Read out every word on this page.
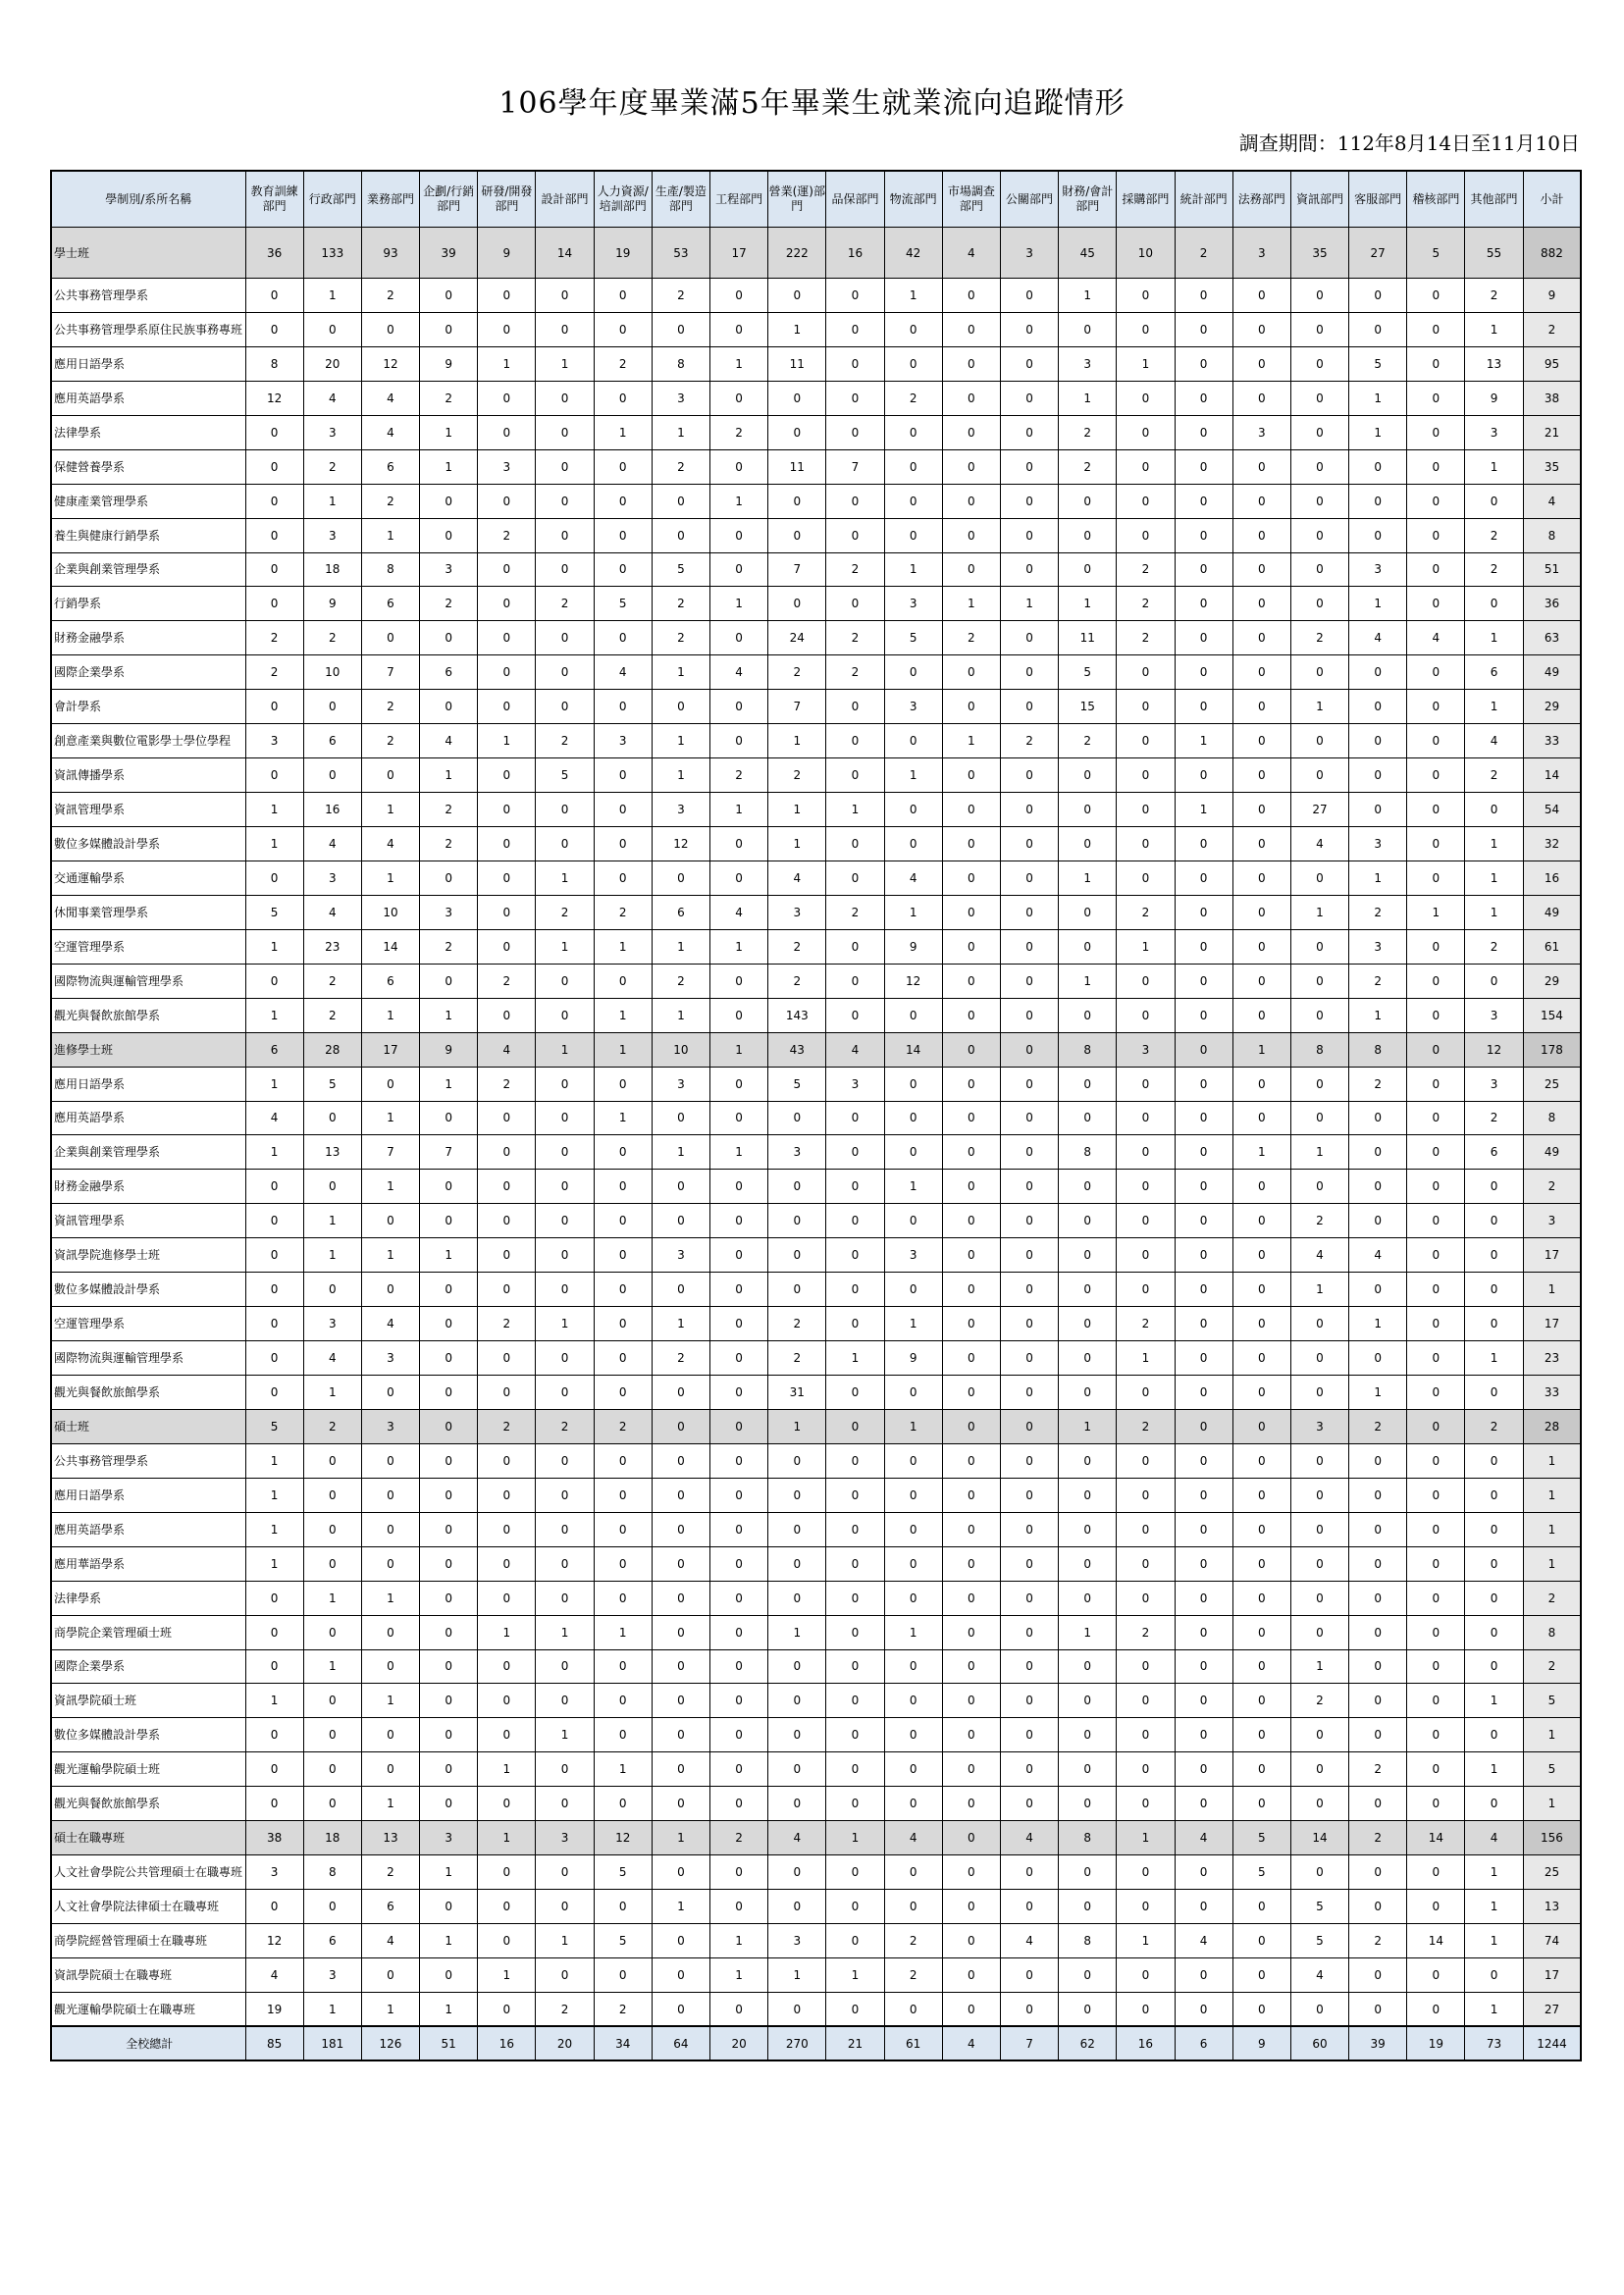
106學年度畢業滿5年畢業生就業流向追蹤情形
調查期間：112年8月14日至11月10日
學制別/系所名稱	教育訓練部門	行政部門	業務部門	企劃/行銷部門	研發/開發部門	設計部門	人力資源/培訓部門	生產/製造部門	工程部門	營業(運)部門	品保部門	物流部門	市場調查部門	公關部門	財務/會計部門	採購部門	統計部門	法務部門	資訊部門	客服部門	稽核部門	其他部門	小計
學士班	36	133	93	39	9	14	19	53	17	222	16	42	4	3	45	10	2	3	35	27	5	55	882
公共事務管理學系	0	1	2	0	0	0	0	2	0	0	0	1	0	0	1	0	0	0	0	0	0	2	9
公共事務管理學系原住民族事務專班	0	0	0	0	0	0	0	0	0	1	0	0	0	0	0	0	0	0	0	0	0	1	2
應用日語學系	8	20	12	9	1	1	2	8	1	11	0	0	0	0	3	1	0	0	0	5	0	13	95
應用英語學系	12	4	4	2	0	0	0	3	0	0	0	2	0	0	1	0	0	0	0	1	0	9	38
法律學系	0	3	4	1	0	0	1	1	2	0	0	0	0	0	2	0	0	3	0	1	0	3	21
保健營養學系	0	2	6	1	3	0	0	2	0	11	7	0	0	0	2	0	0	0	0	0	0	1	35
健康產業管理學系	0	1	2	0	0	0	0	0	1	0	0	0	0	0	0	0	0	0	0	0	0	0	4
養生與健康行銷學系	0	3	1	0	2	0	0	0	0	0	0	0	0	0	0	0	0	0	0	0	0	2	8
企業與創業管理學系	0	18	8	3	0	0	0	5	0	7	2	1	0	0	0	2	0	0	0	3	0	2	51
行銷學系	0	9	6	2	0	2	5	2	1	0	0	3	1	1	1	2	0	0	0	1	0	0	36
財務金融學系	2	2	0	0	0	0	0	2	0	24	2	5	2	0	11	2	0	0	2	4	4	1	63
國際企業學系	2	10	7	6	0	0	4	1	4	2	2	0	0	0	5	0	0	0	0	0	0	6	49
會計學系	0	0	2	0	0	0	0	0	0	7	0	3	0	0	15	0	0	0	1	0	0	1	29
創意產業與數位電影學士學位學程	3	6	2	4	1	2	3	1	0	1	0	0	1	2	2	0	1	0	0	0	0	4	33
資訊傳播學系	0	0	0	1	0	5	0	1	2	2	0	1	0	0	0	0	0	0	0	0	0	2	14
資訊管理學系	1	16	1	2	0	0	0	3	1	1	1	0	0	0	0	0	1	0	27	0	0	0	54
數位多媒體設計學系	1	4	4	2	0	0	0	12	0	1	0	0	0	0	0	0	0	0	4	3	0	1	32
交通運輸學系	0	3	1	0	0	1	0	0	0	4	0	4	0	0	1	0	0	0	0	1	0	1	16
休閒事業管理學系	5	4	10	3	0	2	2	6	4	3	2	1	0	0	0	2	0	0	1	2	1	1	49
空運管理學系	1	23	14	2	0	1	1	1	1	2	0	9	0	0	0	1	0	0	0	3	0	2	61
國際物流與運輸管理學系	0	2	6	0	2	0	0	2	0	2	0	12	0	0	1	0	0	0	0	2	0	0	29
觀光與餐飲旅館學系	1	2	1	1	0	0	1	1	0	143	0	0	0	0	0	0	0	0	0	1	0	3	154
進修學士班	6	28	17	9	4	1	1	10	1	43	4	14	0	0	8	3	0	1	8	8	0	12	178
應用日語學系	1	5	0	1	2	0	0	3	0	5	3	0	0	0	0	0	0	0	0	2	0	3	25
應用英語學系	4	0	1	0	0	0	1	0	0	0	0	0	0	0	0	0	0	0	0	0	0	2	8
企業與創業管理學系	1	13	7	7	0	0	0	1	1	3	0	0	0	0	8	0	0	1	1	0	0	6	49
財務金融學系	0	0	1	0	0	0	0	0	0	0	0	1	0	0	0	0	0	0	0	0	0	0	2
資訊管理學系	0	1	0	0	0	0	0	0	0	0	0	0	0	0	0	0	0	0	2	0	0	0	3
資訊學院進修學士班	0	1	1	1	0	0	0	3	0	0	0	3	0	0	0	0	0	0	4	4	0	0	17
數位多媒體設計學系	0	0	0	0	0	0	0	0	0	0	0	0	0	0	0	0	0	0	1	0	0	0	1
空運管理學系	0	3	4	0	2	1	0	1	0	2	0	1	0	0	0	2	0	0	0	1	0	0	17
國際物流與運輸管理學系	0	4	3	0	0	0	0	2	0	2	1	9	0	0	0	1	0	0	0	0	0	1	23
觀光與餐飲旅館學系	0	1	0	0	0	0	0	0	0	31	0	0	0	0	0	0	0	0	0	1	0	0	33
碩士班	5	2	3	0	2	2	2	0	0	1	0	1	0	0	1	2	0	0	3	2	0	2	28
公共事務管理學系	1	0	0	0	0	0	0	0	0	0	0	0	0	0	0	0	0	0	0	0	0	0	1
應用日語學系	1	0	0	0	0	0	0	0	0	0	0	0	0	0	0	0	0	0	0	0	0	0	1
應用英語學系	1	0	0	0	0	0	0	0	0	0	0	0	0	0	0	0	0	0	0	0	0	0	1
應用華語學系	1	0	0	0	0	0	0	0	0	0	0	0	0	0	0	0	0	0	0	0	0	0	1
法律學系	0	1	1	0	0	0	0	0	0	0	0	0	0	0	0	0	0	0	0	0	0	0	2
商學院企業管理碩士班	0	0	0	0	1	1	1	0	0	1	0	1	0	0	1	2	0	0	0	0	0	0	8
國際企業學系	0	1	0	0	0	0	0	0	0	0	0	0	0	0	0	0	0	0	1	0	0	0	2
資訊學院碩士班	1	0	1	0	0	0	0	0	0	0	0	0	0	0	0	0	0	0	2	0	0	1	5
數位多媒體設計學系	0	0	0	0	0	1	0	0	0	0	0	0	0	0	0	0	0	0	0	0	0	0	1
觀光運輸學院碩士班	0	0	0	0	1	0	1	0	0	0	0	0	0	0	0	0	0	0	0	2	0	1	5
觀光與餐飲旅館學系	0	0	1	0	0	0	0	0	0	0	0	0	0	0	0	0	0	0	0	0	0	0	1
碩士在職專班	38	18	13	3	1	3	12	1	2	4	1	4	0	4	8	1	4	5	14	2	14	4	156
人文社會學院公共管理碩士在職專班	3	8	2	1	0	0	5	0	0	0	0	0	0	0	0	0	0	5	0	0	0	1	25
人文社會學院法律碩士在職專班	0	0	6	0	0	0	0	1	0	0	0	0	0	0	0	0	0	0	5	0	0	1	13
商學院經營管理碩士在職專班	12	6	4	1	0	1	5	0	1	3	0	2	0	4	8	1	4	0	5	2	14	1	74
資訊學院碩士在職專班	4	3	0	0	1	0	0	0	1	1	1	2	0	0	0	0	0	0	4	0	0	0	17
觀光運輸學院碩士在職專班	19	1	1	1	0	2	2	0	0	0	0	0	0	0	0	0	0	0	0	0	0	1	27
全校總計	85	181	126	51	16	20	34	64	20	270	21	61	4	7	62	16	6	9	60	39	19	73	1244
